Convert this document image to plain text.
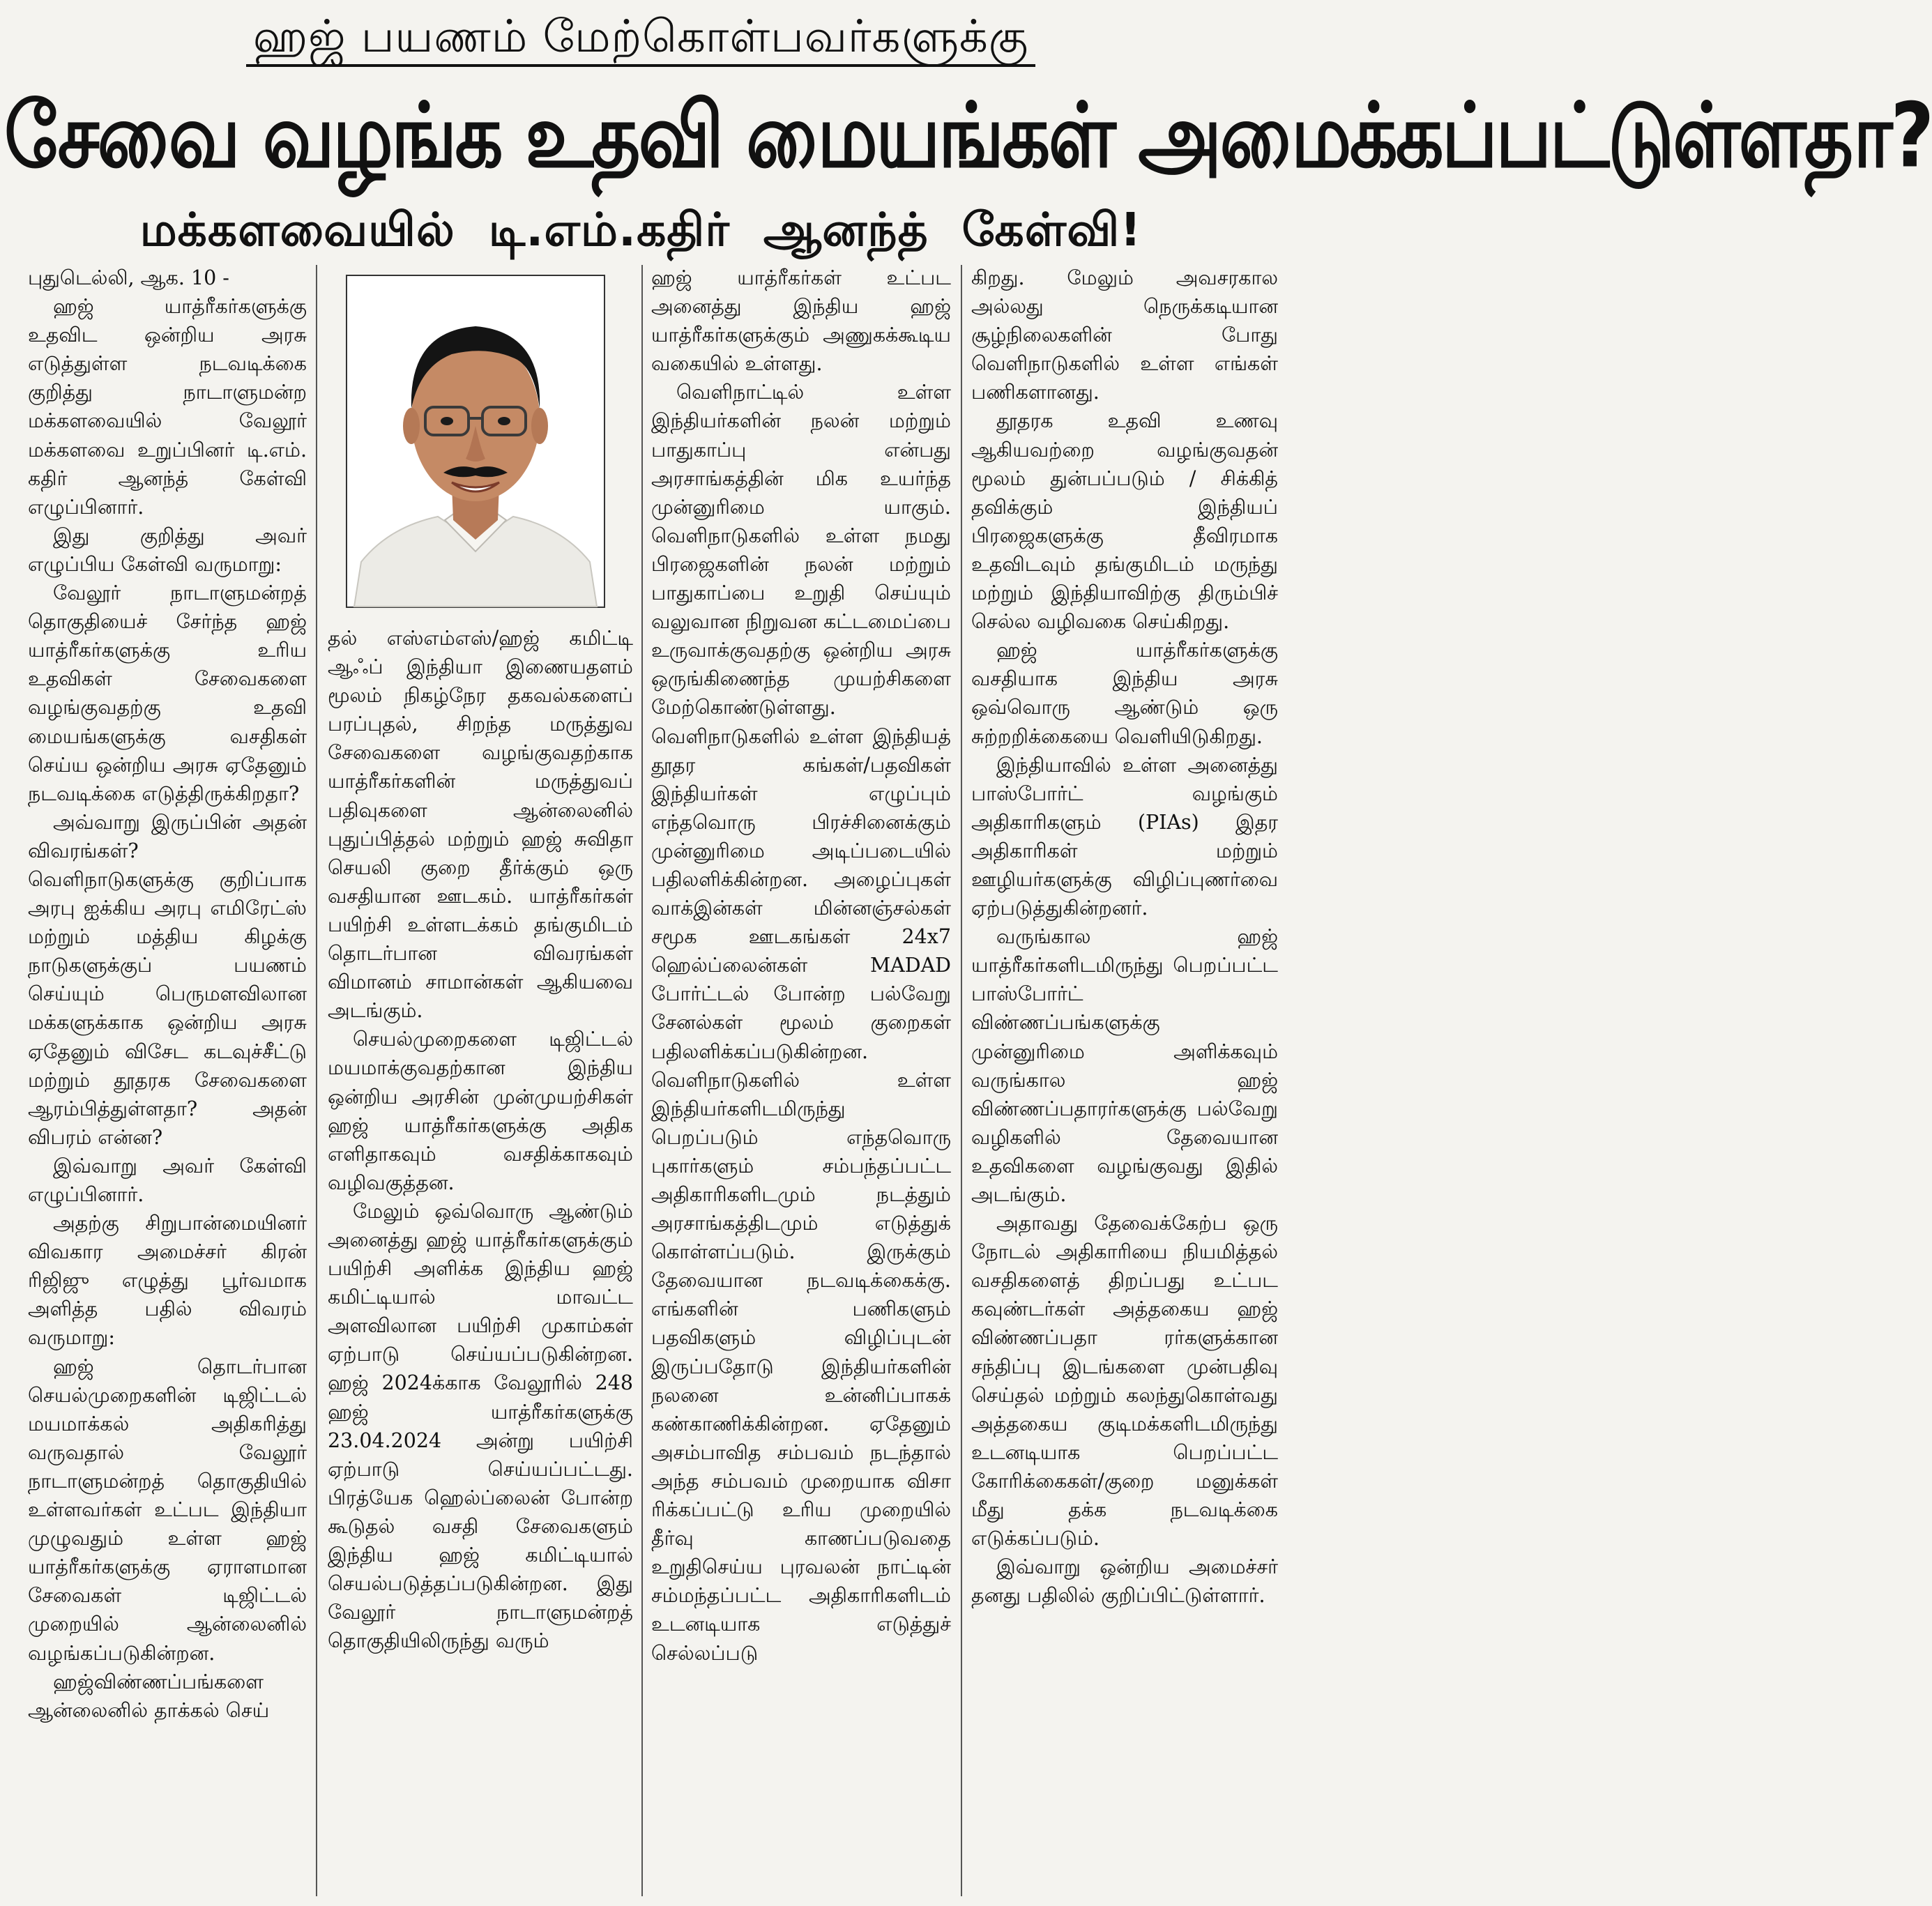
ஹஜ் பயணம் மேற்கொள்பவர்களுக்கு
சேவை வழங்க உதவி மையங்கள் அமைக்கப்பட்டுள்ளதா?
மக்களவையில் டி.எம்.கதிர் ஆனந்த் கேள்வி!

புதுடெல்லி, ஆக. 10 -

ஹஜ் யாத்ரீகர்களுக்கு உதவிட ஒன்றிய அரசு எடுத்துள்ள நடவடிக்கை குறித்து நாடாளுமன்ற மக்களவையில் வேலூர் மக்களவை உறுப்பினர் டி.எம். கதிர் ஆனந்த் கேள்வி எழுப்பினார்.

இது குறித்து அவர் எழுப்பிய கேள்வி வருமாறு:

வேலூர் நாடாளுமன்றத் தொகுதியைச் சேர்ந்த ஹஜ் யாத்ரீகர்களுக்கு உரிய உதவிகள் சேவைகளை வழங்குவதற்கு உதவி மையங்களுக்கு வசதிகள் செய்ய ஒன்றிய அரசு ஏதேனும் நடவடிக்கை எடுத்திருக்கிறதா?

அவ்வாறு இருப்பின் அதன் விவரங்கள்? வெளிநாடுகளுக்கு குறிப்பாக அரபு ஐக்கிய அரபு எமிரேட்ஸ் மற்றும் மத்திய கிழக்கு நாடுகளுக்குப் பயணம் செய்யும் பெருமளவிலான மக்களுக்காக ஒன்றிய அரசு ஏதேனும் விசேட கடவுச்சீட்டு மற்றும் தூதரக சேவைகளை ஆரம்பித்துள்ளதா? அதன் விபரம் என்ன?

இவ்வாறு அவர் கேள்வி எழுப்பினார்.

அதற்கு சிறுபான்மையினர் விவகார அமைச்சர் கிரன் ரிஜிஜு எழுத்து பூர்வமாக அளித்த பதில் விவரம் வருமாறு:

ஹஜ் தொடர்பான செயல்முறைகளின் டிஜிட்டல் மயமாக்கல் அதிகரித்து வருவதால் வேலூர் நாடாளுமன்றத் தொகுதியில் உள்ளவர்கள் உட்பட இந்தியா முழுவதும் உள்ள ஹஜ் யாத்ரீகர்களுக்கு ஏராளமான சேவைகள் டிஜிட்டல் முறையில் ஆன்லைனில் வழங்கப்படுகின்றன.

ஹஜ்விண்ணப்பங்களை ஆன்லைனில் தாக்கல் செய்

தல் எஸ்எம்எஸ்/ஹஜ் கமிட்டி ஆஃப் இந்தியா இணையதளம் மூலம் நிகழ்நேர தகவல்களைப் பரப்புதல், சிறந்த மருத்துவ சேவைகளை வழங்குவதற்காக யாத்ரீகர்களின் மருத்துவப் பதிவுகளை ஆன்லைனில் புதுப்பித்தல் மற்றும் ஹஜ் சுவிதா செயலி குறை தீர்க்கும் ஒரு வசதியான ஊடகம். யாத்ரீகர்கள் பயிற்சி உள்ளடக்கம் தங்குமிடம் தொடர்பான விவரங்கள் விமானம் சாமான்கள் ஆகியவை அடங்கும்.

செயல்முறைகளை டிஜிட்டல் மயமாக்குவதற்கான இந்திய ஒன்றிய அரசின் முன்முயற்சிகள் ஹஜ் யாத்ரீகர்களுக்கு அதிக எளிதாகவும் வசதிக்காகவும் வழிவகுத்தன.

மேலும் ஒவ்வொரு ஆண்டும் அனைத்து ஹஜ் யாத்ரீகர்களுக்கும் பயிற்சி அளிக்க இந்திய ஹஜ் கமிட்டியால் மாவட்ட அளவிலான பயிற்சி முகாம்கள் ஏற்பாடு செய்யப்படுகின்றன. ஹஜ் 2024க்காக வேலூரில் 248 ஹஜ் யாத்ரீகர்களுக்கு 23.04.2024 அன்று பயிற்சி ஏற்பாடு செய்யப்பட்டது. பிரத்யேக ஹெல்ப்லைன் போன்ற கூடுதல் வசதி சேவைகளும் இந்திய ஹஜ் கமிட்டியால் செயல்படுத்தப்படுகின்றன. இது வேலூர் நாடாளுமன்றத் தொகுதியிலிருந்து வரும்

ஹஜ் யாத்ரீகர்கள் உட்பட அனைத்து இந்திய ஹஜ் யாத்ரீகர்களுக்கும் அணுகக்கூடிய வகையில் உள்ளது.

வெளிநாட்டில் உள்ள இந்தியர்களின் நலன் மற்றும் பாதுகாப்பு என்பது அரசாங்கத்தின் மிக உயர்ந்த முன்னுரிமை யாகும். வெளிநாடுகளில் உள்ள நமது பிரஜைகளின் நலன் மற்றும் பாதுகாப்பை உறுதி செய்யும் வலுவான நிறுவன கட்டமைப்பை உருவாக்குவதற்கு ஒன்றிய அரசு ஒருங்கிணைந்த முயற்சிகளை மேற்கொண்டுள்ளது. வெளிநாடுகளில் உள்ள இந்தியத் தூதர கங்கள்/பதவிகள் இந்தியர்கள் எழுப்பும் எந்தவொரு பிரச்சினைக்கும் முன்னுரிமை அடிப்படையில் பதிலளிக்கின்றன. அழைப்புகள் வாக்இன்கள் மின்னஞ்சல்கள் சமூக ஊடகங்கள் 24x7 ஹெல்ப்லைன்கள் MADAD போர்ட்டல் போன்ற பல்வேறு சேனல்கள் மூலம் குறைகள் பதிலளிக்கப்படுகின்றன. வெளிநாடுகளில் உள்ள இந்தியர்களிடமிருந்து பெறப்படும் எந்தவொரு புகார்களும் சம்பந்தப்பட்ட அதிகாரிகளிடமும் நடத்தும் அரசாங்கத்திடமும் எடுத்துக் கொள்ளப்படும். இருக்கும் தேவையான நடவடிக்கைக்கு. எங்களின் பணிகளும் பதவிகளும் விழிப்புடன் இருப்பதோடு இந்தியர்களின் நலனை உன்னிப்பாகக் கண்காணிக்கின்றன. ஏதேனும் அசம்பாவித சம்பவம் நடந்தால் அந்த சம்பவம் முறையாக விசா ரிக்கப்பட்டு உரிய முறையில் தீர்வு காணப்படுவதை உறுதிசெய்ய புரவலன் நாட்டின் சம்மந்தப்பட்ட அதிகாரிகளிடம் உடனடியாக எடுத்துச் செல்லப்படு

கிறது. மேலும் அவசரகால அல்லது நெருக்கடியான சூழ்நிலைகளின் போது வெளிநாடுகளில் உள்ள எங்கள் பணிகளானது.

தூதரக உதவி உணவு ஆகியவற்றை வழங்குவதன் மூலம் துன்பப்படும் / சிக்கித் தவிக்கும் இந்தியப் பிரஜைகளுக்கு தீவிரமாக உதவிடவும் தங்குமிடம் மருந்து மற்றும் இந்தியாவிற்கு திரும்பிச் செல்ல வழிவகை செய்கிறது.

ஹஜ் யாத்ரீகர்களுக்கு வசதியாக இந்திய அரசு ஒவ்வொரு ஆண்டும் ஒரு சுற்றறிக்கையை வெளியிடுகிறது.

இந்தியாவில் உள்ள அனைத்து பாஸ்போர்ட் வழங்கும் அதிகாரிகளும் (PIAs) இதர அதிகாரிகள் மற்றும் ஊழியர்களுக்கு விழிப்புணர்வை ஏற்படுத்துகின்றனர்.

வருங்கால ஹஜ் யாத்ரீகர்களிடமிருந்து பெறப்பட்ட பாஸ்போர்ட் விண்ணப்பங்களுக்கு முன்னுரிமை அளிக்கவும் வருங்கால ஹஜ் விண்ணப்பதாரர்களுக்கு பல்வேறு வழிகளில் தேவையான உதவிகளை வழங்குவது இதில் அடங்கும்.

அதாவது தேவைக்கேற்ப ஒரு நோடல் அதிகாரியை நியமித்தல் வசதிகளைத் திறப்பது உட்பட கவுண்டர்கள் அத்தகைய ஹஜ் விண்ணப்பதா ரர்களுக்கான சந்திப்பு இடங்களை முன்பதிவு செய்தல் மற்றும் கலந்துகொள்வது அத்தகைய குடிமக்களிடமிருந்து உடனடியாக பெறப்பட்ட கோரிக்கைகள்/குறை மனுக்கள் மீது தக்க நடவடிக்கை எடுக்கப்படும்.

இவ்வாறு ஒன்றிய அமைச்சர் தனது பதிலில் குறிப்பிட்டுள்ளார்.
